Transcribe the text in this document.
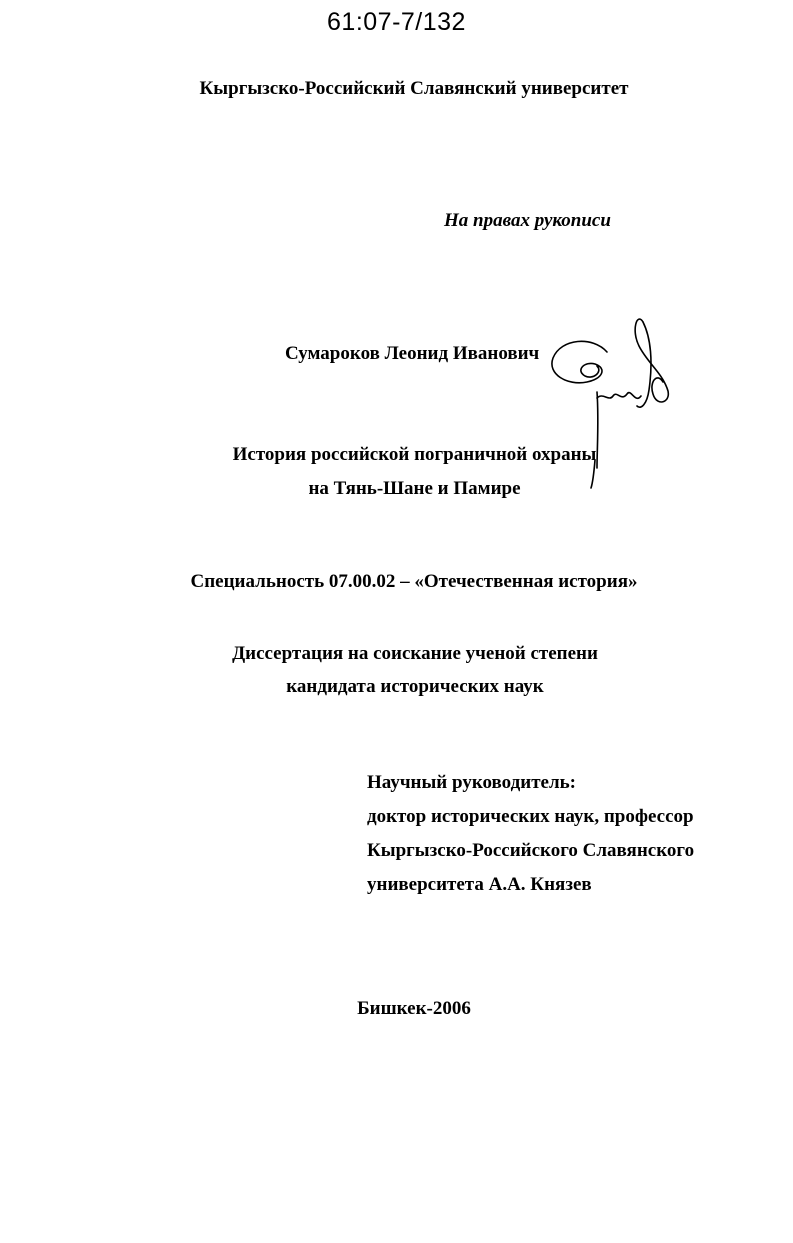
61:07-7/132
Кыргызско-Российский Славянский университет
На правах рукописи
Сумароков Леонид Иванович
История российской пограничной охраны
на Тянь-Шане и Памире
Специальность 07.00.02 – «Отечественная история»
Диссертация на соискание ученой степени
кандидата исторических наук
Научный руководитель:
доктор исторических наук, профессор
Кыргызско-Российского Славянского
университета А.А. Князев
Бишкек-2006
